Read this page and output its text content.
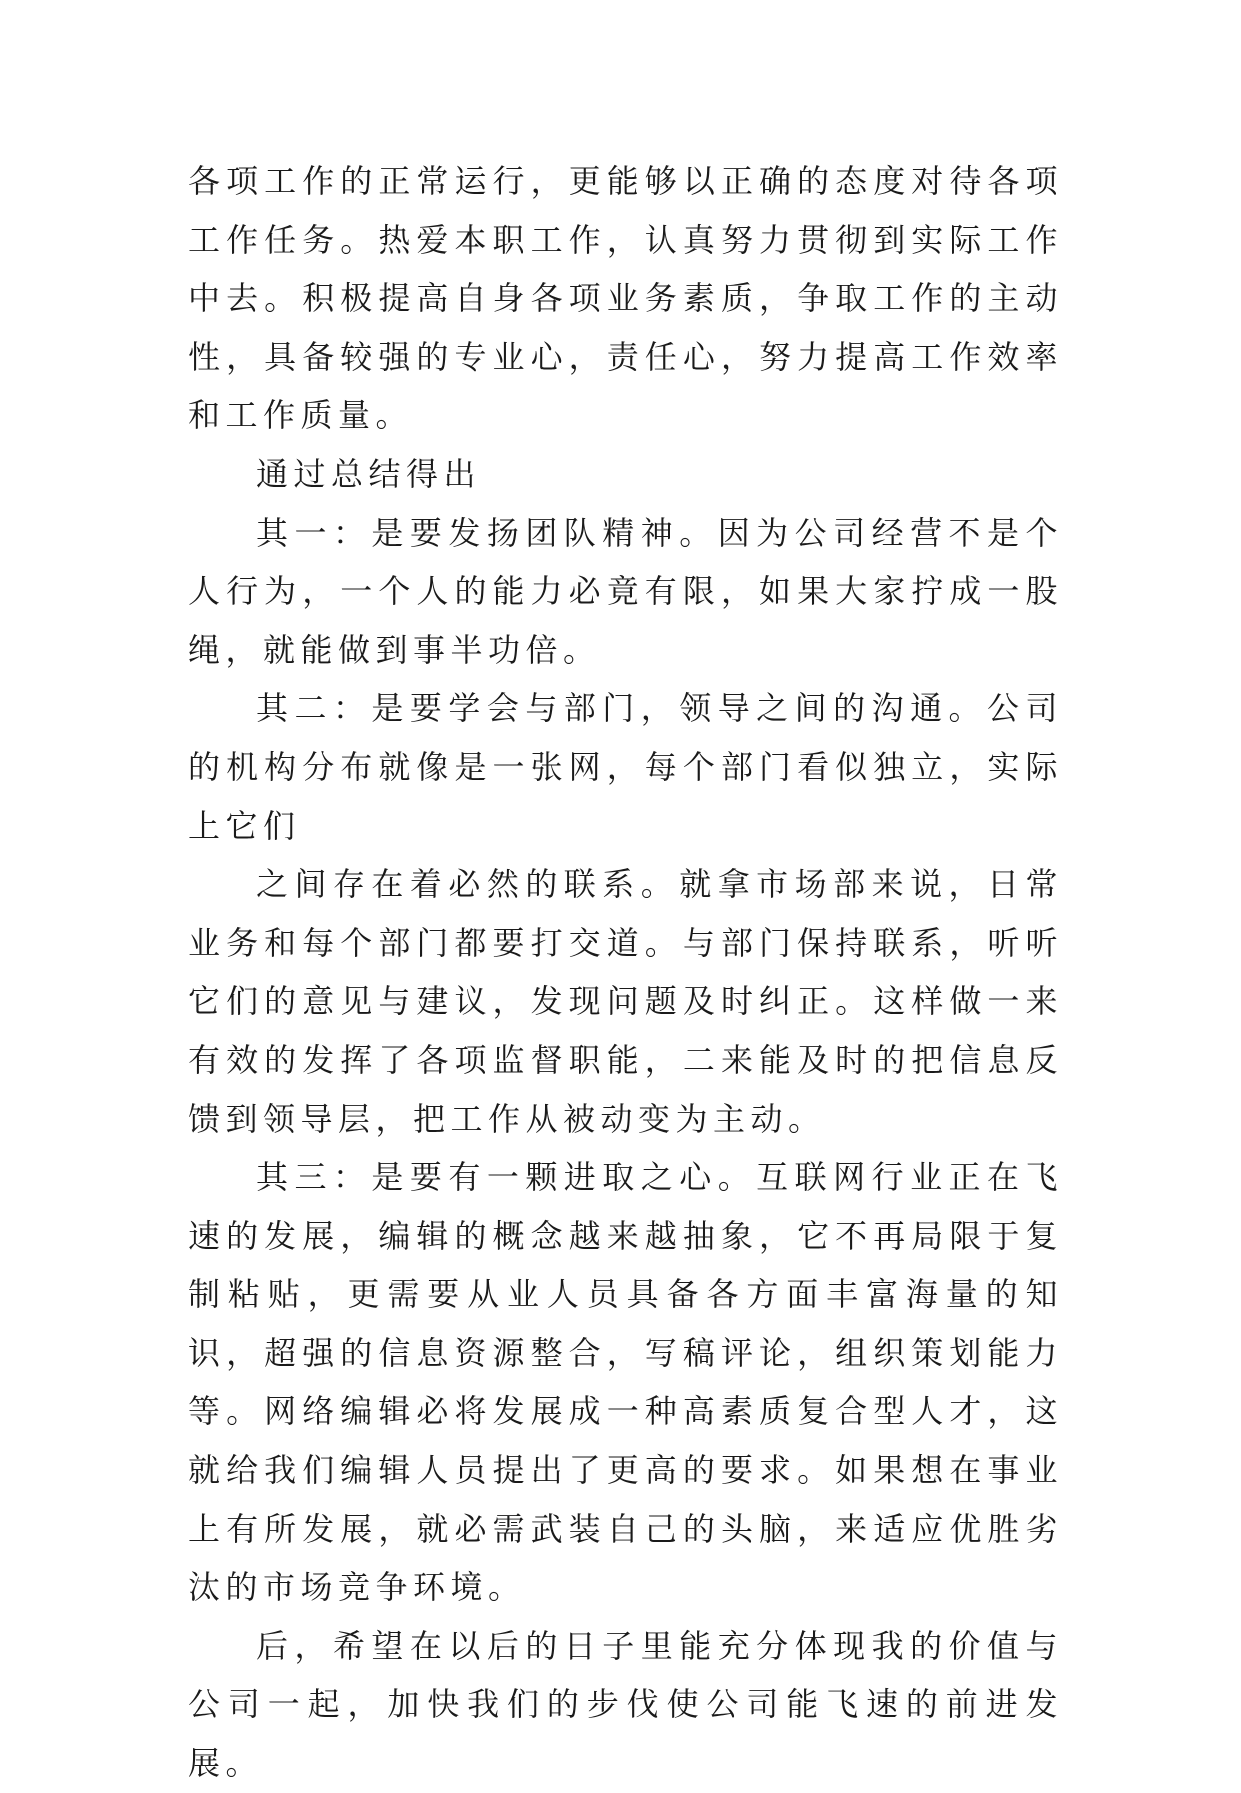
各项工作的正常运行，更能够以正确的态度对待各项工作任务。热爱本职工作，认真努力贯彻到实际工作中去。积极提高自身各项业务素质，争取工作的主动性，具备较强的专业心，责任心，努力提高工作效率和工作质量。

通过总结得出

其一：是要发扬团队精神。因为公司经营不是个人行为，一个人的能力必竟有限，如果大家拧成一股绳，就能做到事半功倍。

其二：是要学会与部门，领导之间的沟通。公司的机构分布就像是一张网，每个部门看似独立，实际上它们

之间存在着必然的联系。就拿市场部来说，日常业务和每个部门都要打交道。与部门保持联系，听听它们的意见与建议，发现问题及时纠正。这样做一来有效的发挥了各项监督职能，二来能及时的把信息反馈到领导层，把工作从被动变为主动。

其三：是要有一颗进取之心。互联网行业正在飞速的发展，编辑的概念越来越抽象，它不再局限于复制粘贴，更需要从业人员具备各方面丰富海量的知识，超强的信息资源整合，写稿评论，组织策划能力等。网络编辑必将发展成一种高素质复合型人才，这就给我们编辑人员提出了更高的要求。如果想在事业上有所发展，就必需武装自己的头脑，来适应优胜劣汰的市场竞争环境。

后，希望在以后的日子里能充分体现我的价值与公司一起，加快我们的步伐使公司能飞速的前进发展。
